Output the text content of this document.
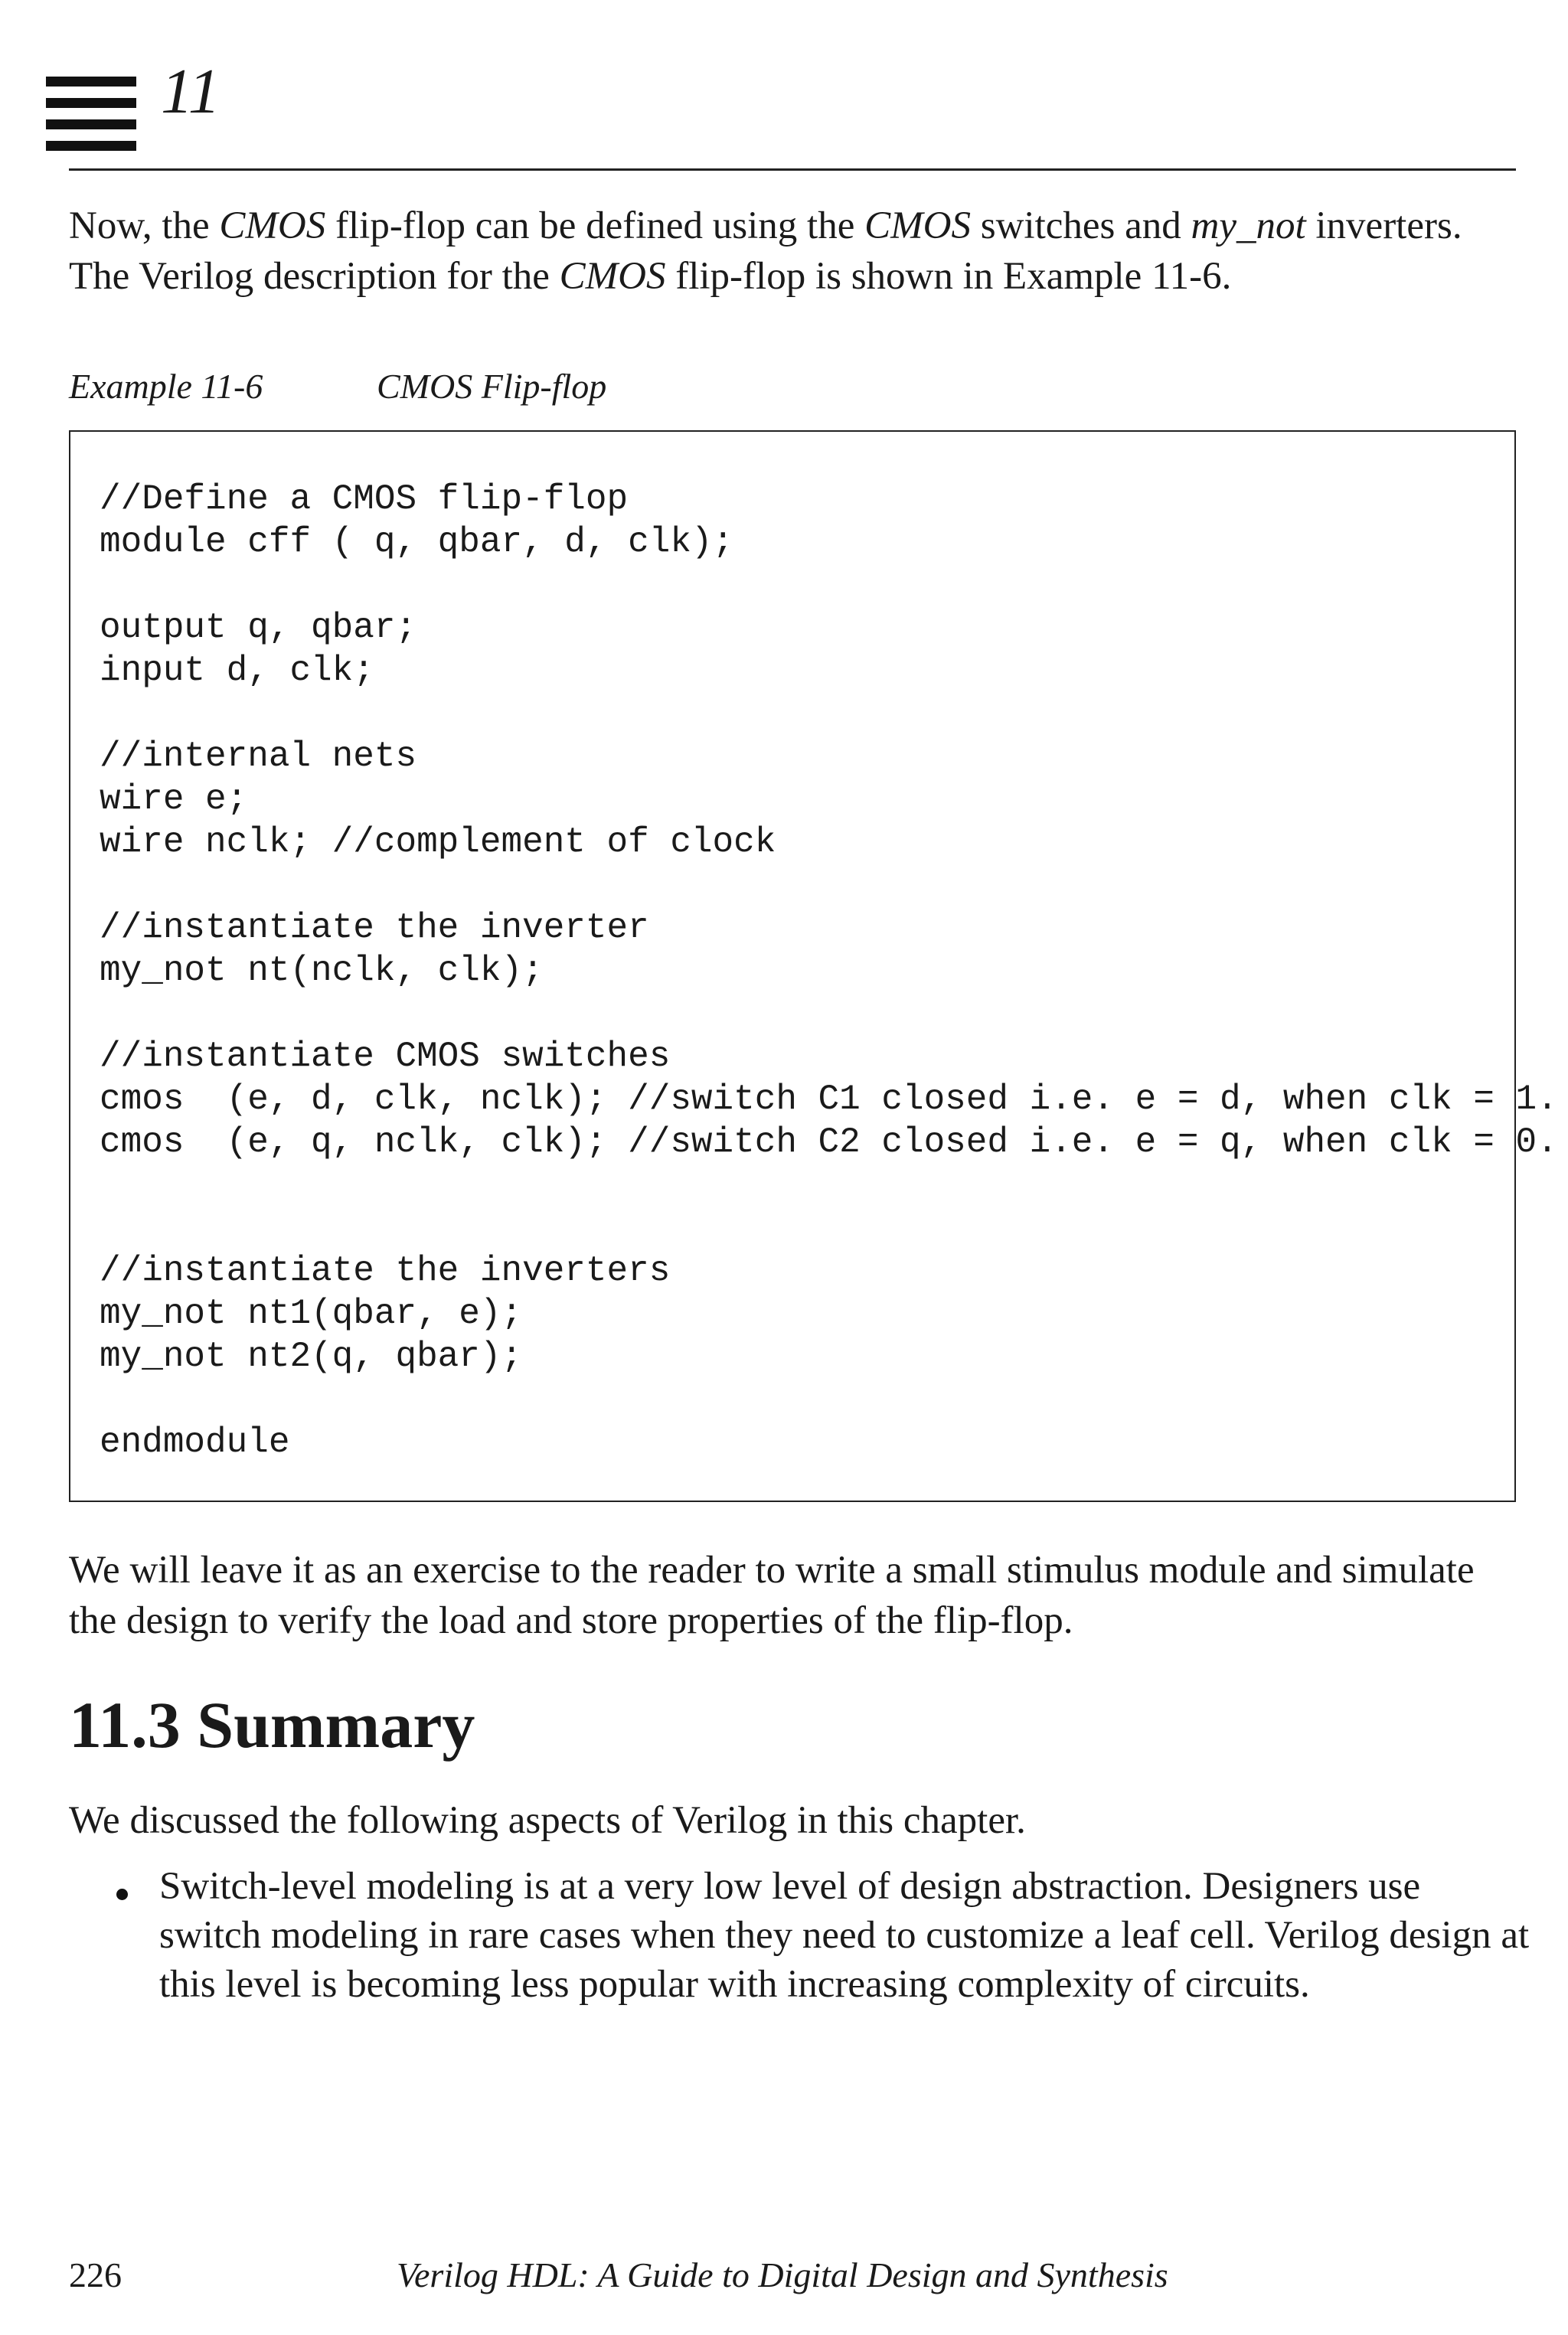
11

Now, the CMOS flip-flop can be defined using the CMOS switches and my_not inverters. The Verilog description for the CMOS flip-flop is shown in Example 11-6.

Example 11-6	CMOS Flip-flop
//Define a CMOS flip-flop
module cff ( q, qbar, d, clk);
output q, qbar;
input d, clk;
//internal nets
wire e;
wire nclk; //complement of clock
//instantiate the inverter
my_not nt(nclk, clk);
//instantiate CMOS switches
cmos  (e, d, clk, nclk); //switch C1 closed i.e. e = d, when clk = 1.
cmos  (e, q, nclk, clk); //switch C2 closed i.e. e = q, when clk = 0.
//instantiate the inverters
my_not nt1(qbar, e);
my_not nt2(q, qbar);
endmodule

We will leave it as an exercise to the reader to write a small stimulus module and simulate the design to verify the load and store properties of the flip-flop.

11.3 Summary

We discussed the following aspects of Verilog in this chapter.

Switch-level modeling is at a very low level of design abstraction. Designers use switch modeling in rare cases when they need to customize a leaf cell. Verilog design at this level is becoming less popular with increasing complexity of circuits.

226	Verilog HDL: A Guide to Digital Design and Synthesis
